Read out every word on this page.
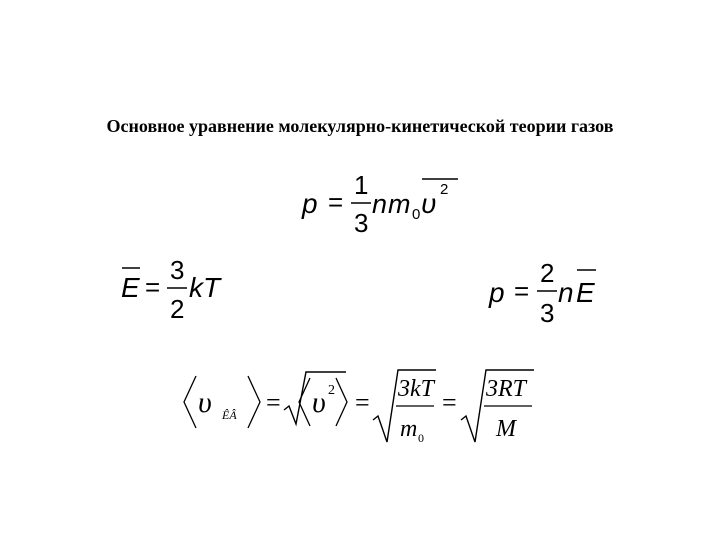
Основное уравнение молекулярно-кинетической теории газов
p =
1
3
n m 0 υ 2
E =
3
2
kT	p =
2
3
n E
υ ÊÂ = υ 2 = 3kT
m 0
= 3RT
M
